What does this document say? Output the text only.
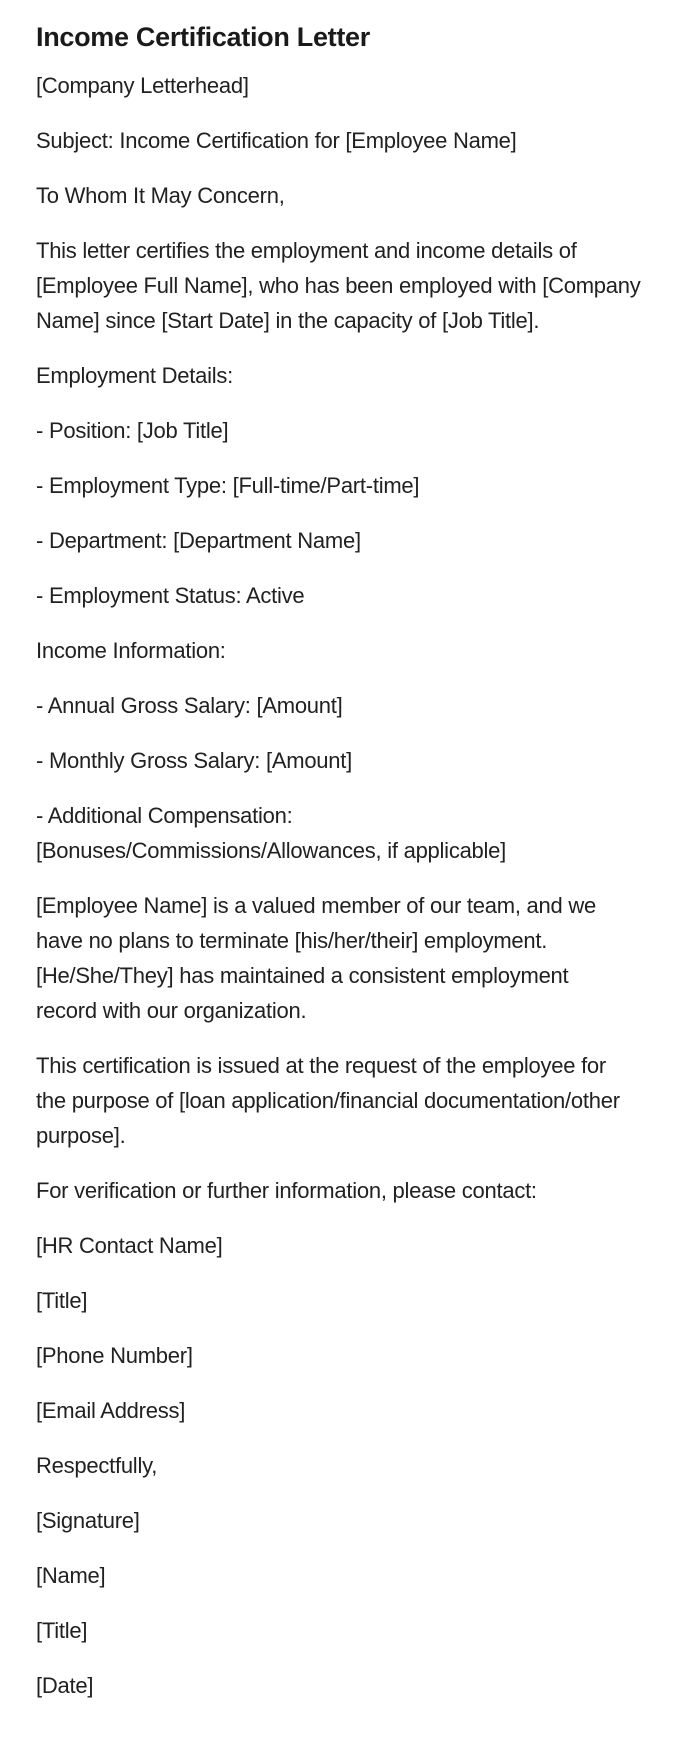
Income Certification Letter

[Company Letterhead]

Subject: Income Certification for [Employee Name]

To Whom It May Concern,

This letter certifies the employment and income details of
[Employee Full Name], who has been employed with [Company
Name] since [Start Date] in the capacity of [Job Title].

Employment Details:

- Position: [Job Title]

- Employment Type: [Full-time/Part-time]

- Department: [Department Name]

- Employment Status: Active

Income Information:

- Annual Gross Salary: [Amount]

- Monthly Gross Salary: [Amount]

- Additional Compensation:
[Bonuses/Commissions/Allowances, if applicable]

[Employee Name] is a valued member of our team, and we
have no plans to terminate [his/her/their] employment.
[He/She/They] has maintained a consistent employment
record with our organization.

This certification is issued at the request of the employee for
the purpose of [loan application/financial documentation/other
purpose].

For verification or further information, please contact:

[HR Contact Name]

[Title]

[Phone Number]

[Email Address]

Respectfully,

[Signature]

[Name]

[Title]

[Date]
